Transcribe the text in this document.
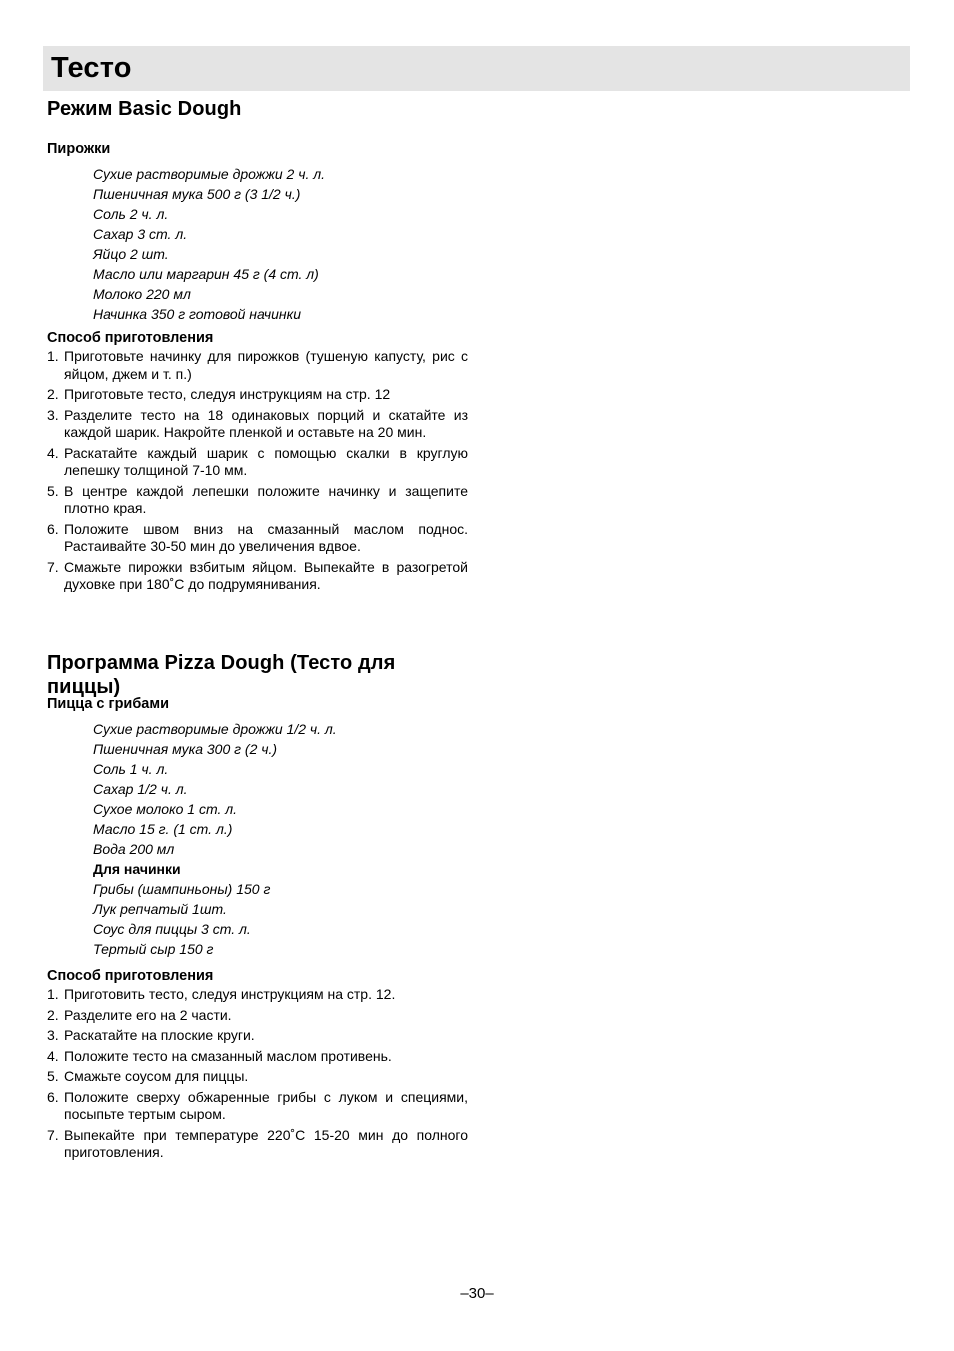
Тесто
Режим Basic Dough
Пирожки
Сухие растворимые дрожжи 2 ч. л.
Пшеничная мука 500 г (3 1/2 ч.)
Соль 2 ч. л.
Сахар 3 ст. л.
Яйцо 2 шт.
Масло или маргарин 45 г (4 ст. л)
Молоко 220 мл
Начинка 350 г готовой начинки
Способ приготовления
1. Приготовьте начинку для пирожков (тушеную капусту, рис с яйцом, джем и т. п.)
2. Приготовьте тесто, следуя инструкциям на стр. 12
3. Разделите тесто на 18 одинаковых порций и скатайте из каждой шарик. Накройте пленкой и оставьте на 20 мин.
4. Раскатайте каждый шарик с помощью скалки в круглую лепешку толщиной 7-10 мм.
5. В центре каждой лепешки положите начинку и защепите плотно края.
6. Положите швом вниз на смазанный маслом поднос. Растаивайте 30-50 мин до увеличения вдвое.
7. Смажьте пирожки взбитым яйцом. Выпекайте в разогретой духовке при 180˚С до подрумянивания.
Программа Pizza Dough (Тесто для пиццы)
Пицца с грибами
Сухие растворимые дрожжи 1/2 ч. л.
Пшеничная мука 300 г (2 ч.)
Соль 1 ч. л.
Сахар 1/2 ч. л.
Сухое молоко 1 ст. л.
Масло 15 г. (1 ст. л.)
Вода 200 мл
Для начинки
Грибы (шампиньоны) 150 г
Лук репчатый 1шт.
Соус для пиццы 3 ст. л.
Тертый сыр 150 г
Способ приготовления
1. Приготовить тесто, следуя инструкциям на стр. 12.
2. Разделите его на 2 части.
3. Раскатайте на плоские круги.
4. Положите тесто на смазанный маслом противень.
5. Смажьте соусом для пиццы.
6. Положите сверху обжаренные грибы с луком и специями, посыпьте тертым сыром.
7. Выпекайте при температуре 220˚С 15-20 мин до полного приготовления.
–30–
